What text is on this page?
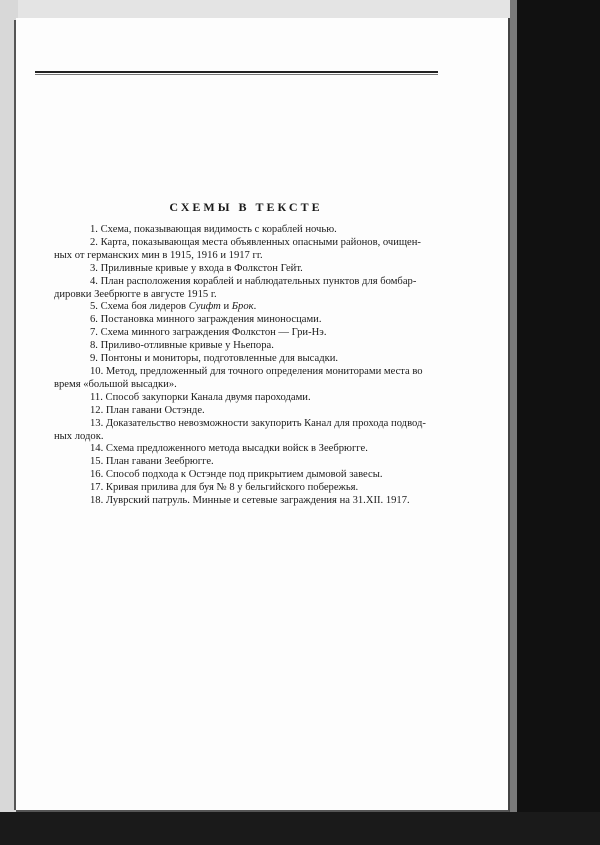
СХЕМЫ В ТЕКСТЕ
1. Схема, показывающая видимость с кораблей ночью.
2. Карта, показывающая места объявленных опасными районов, очищен-
ных от германских мин в 1915, 1916 и 1917 гг.
3. Приливные кривые у входа в Фолкстон Гейт.
4. План расположения кораблей и наблюдательных пунктов для бомбар-
дировки Зеебрюгге в августе 1915 г.
5. Схема боя лидеров Суифт и Брок.
6. Постановка минного заграждения миноносцами.
7. Схема минного заграждения Фолкстон — Гри-Нэ.
8. Приливо-отливные кривые у Ньепора.
9. Понтоны и мониторы, подготовленные для высадки.
10. Метод, предложенный для точного определения мониторами места во
время «большой высадки».
11. Способ закупорки Канала двумя пароходами.
12. План гавани Остэнде.
13. Доказательство невозможности закупорить Канал для прохода подвод-
ных лодок.
14. Схема предложенного метода высадки войск в Зеебрюгге.
15. План гавани Зеебрюгге.
16. Способ подхода к Остэнде под прикрытием дымовой завесы.
17. Кривая прилива для буя № 8 у бельгийского побережья.
18. Луврский патруль. Минные и сетевые заграждения на 31.XII. 1917.
